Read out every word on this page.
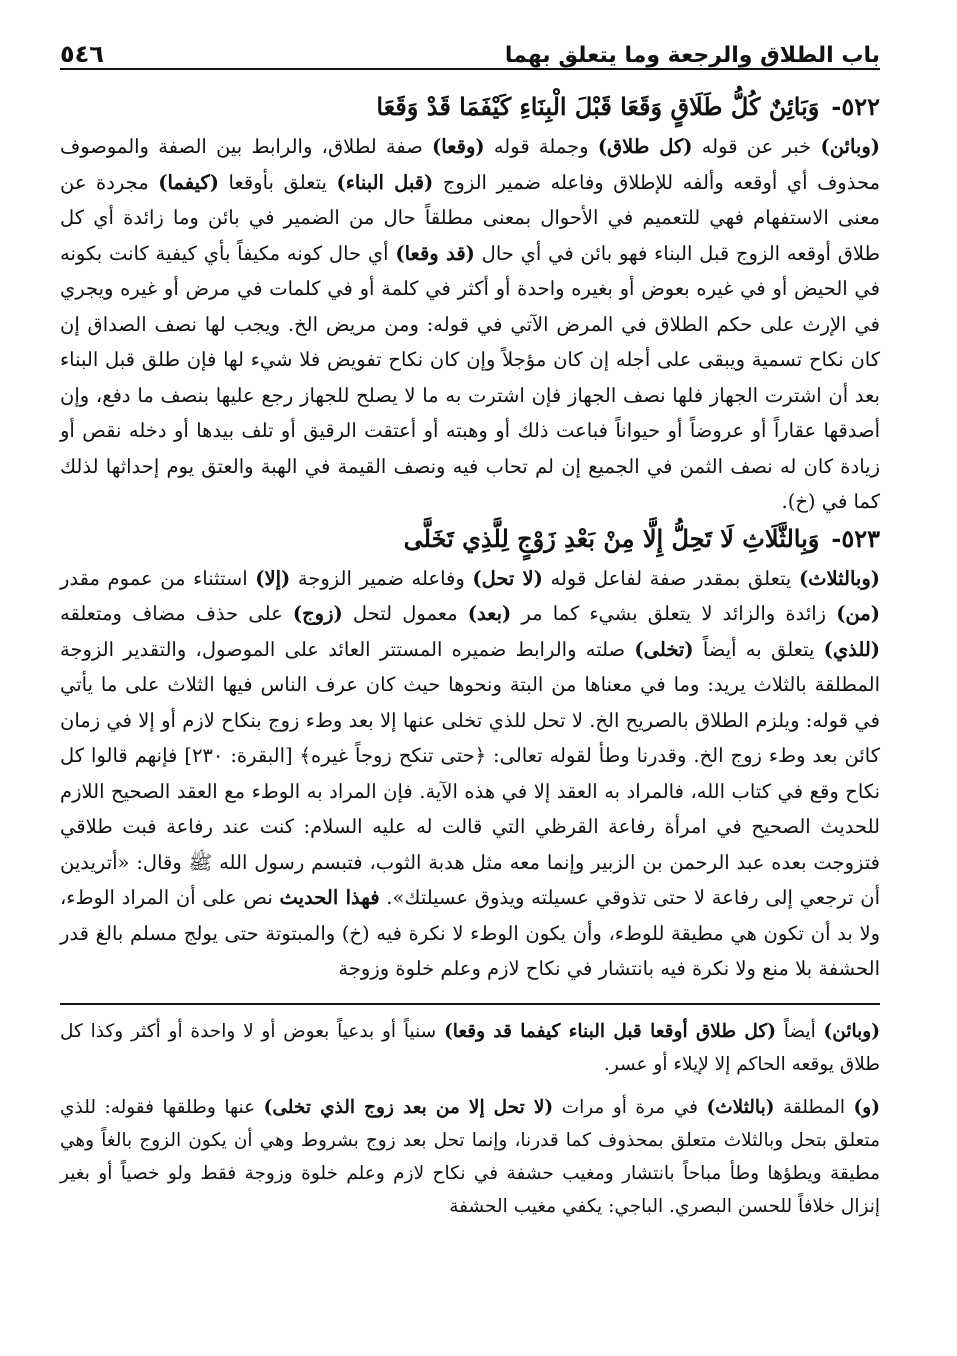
باب الطلاق والرجعة وما يتعلق بهما
٥٤٦
٥٢٢-وَبَائِنٌ كُلُّ طَلَاقٍ وَقَعَا قَبْلَ الْبِنَاءِ كَيْفَمَا قَدْ وَقَعَا

(وبائن) خبر عن قوله (كل طلاق) وجملة قوله (وقعا) صفة لطلاق، والرابط بين الصفة والموصوف محذوف أي أوقعه وألفه للإطلاق وفاعله ضمير الزوج (قبل البناء) يتعلق بأوقعا (كيفما) مجردة عن معنى الاستفهام فهي للتعميم في الأحوال بمعنى مطلقاً حال من الضمير في بائن وما زائدة أي كل طلاق أوقعه الزوج قبل البناء فهو بائن في أي حال (قد وقعا) أي حال كونه مكيفاً بأي كيفية كانت بكونه في الحيض أو في غيره بعوض أو بغيره واحدة أو أكثر في كلمة أو في كلمات في مرض أو غيره ويجري في الإرث على حكم الطلاق في المرض الآتي في قوله: ومن مريض الخ. ويجب لها نصف الصداق إن كان نكاح تسمية ويبقى على أجله إن كان مؤجلاً وإن كان نكاح تفويض فلا شيء لها فإن طلق قبل البناء بعد أن اشترت الجهاز فلها نصف الجهاز فإن اشترت به ما لا يصلح للجهاز رجع عليها بنصف ما دفع، وإن أصدقها عقاراً أو عروضاً أو حيواناً فباعت ذلك أو وهبته أو أعتقت الرقيق أو تلف بيدها أو دخله نقص أو زيادة كان له نصف الثمن في الجميع إن لم تحاب فيه ونصف القيمة في الهبة والعتق يوم إحداثها لذلك كما في (خ).

٥٢٣-وَبِالثَّلَاثِ لَا تَحِلُّ إِلَّا مِنْ بَعْدِ زَوْجٍ لِلَّذِي تَخَلَّى

(وبالثلاث) يتعلق بمقدر صفة لفاعل قوله (لا تحل) وفاعله ضمير الزوجة (إلا) استثناء من عموم مقدر (من) زائدة والزائد لا يتعلق بشيء كما مر (بعد) معمول لتحل (زوج) على حذف مضاف ومتعلقه (للذي) يتعلق به أيضاً (تخلى) صلته والرابط ضميره المستتر العائد على الموصول، والتقدير الزوجة المطلقة بالثلاث يريد: وما في معناها من البتة ونحوها حيث كان عرف الناس فيها الثلاث على ما يأتي في قوله: ويلزم الطلاق بالصريح الخ. لا تحل للذي تخلى عنها إلا بعد وطء زوج بنكاح لازم أو إلا في زمان كائن بعد وطء زوج الخ. وقدرنا وطأ لقوله تعالى: ﴿حتى تنكح زوجاً غيره﴾ [البقرة: ٢٣٠] فإنهم قالوا كل نكاح وقع في كتاب الله، فالمراد به العقد إلا في هذه الآية. فإن المراد به الوطء مع العقد الصحيح اللازم للحديث الصحيح في امرأة رفاعة القرظي التي قالت له عليه السلام: كنت عند رفاعة فبت طلاقي فتزوجت بعده عبد الرحمن بن الزبير وإنما معه مثل هدبة الثوب، فتبسم رسول الله ﷺ وقال: «أتريدين أن ترجعي إلى رفاعة لا حتى تذوقي عسيلته ويذوق عسيلتك». فهذا الحديث نص على أن المراد الوطء، ولا بد أن تكون هي مطيقة للوطء، وأن يكون الوطء لا نكرة فيه (خ) والمبتوتة حتى يولج مسلم بالغ قدر الحشفة بلا منع ولا نكرة فيه بانتشار في نكاح لازم وعلم خلوة وزوجة

(وبائن) أيضاً (كل طلاق أوقعا قبل البناء كيفما قد وقعا) سنياً أو بدعياً بعوض أو لا واحدة أو أكثر وكذا كل طلاق يوقعه الحاكم إلا لإيلاء أو عسر.

(و) المطلقة (بالثلاث) في مرة أو مرات (لا تحل إلا من بعد زوج الذي تخلى) عنها وطلقها فقوله: للذي متعلق بتحل وبالثلاث متعلق بمحذوف كما قدرنا، وإنما تحل بعد زوج بشروط وهي أن يكون الزوج بالغاً وهي مطيقة ويطؤها وطأ مباحاً بانتشار ومغيب حشفة في نكاح لازم وعلم خلوة وزوجة فقط ولو خصياً أو بغير إنزال خلافاً للحسن البصري. الباجي: يكفي مغيب الحشفة
